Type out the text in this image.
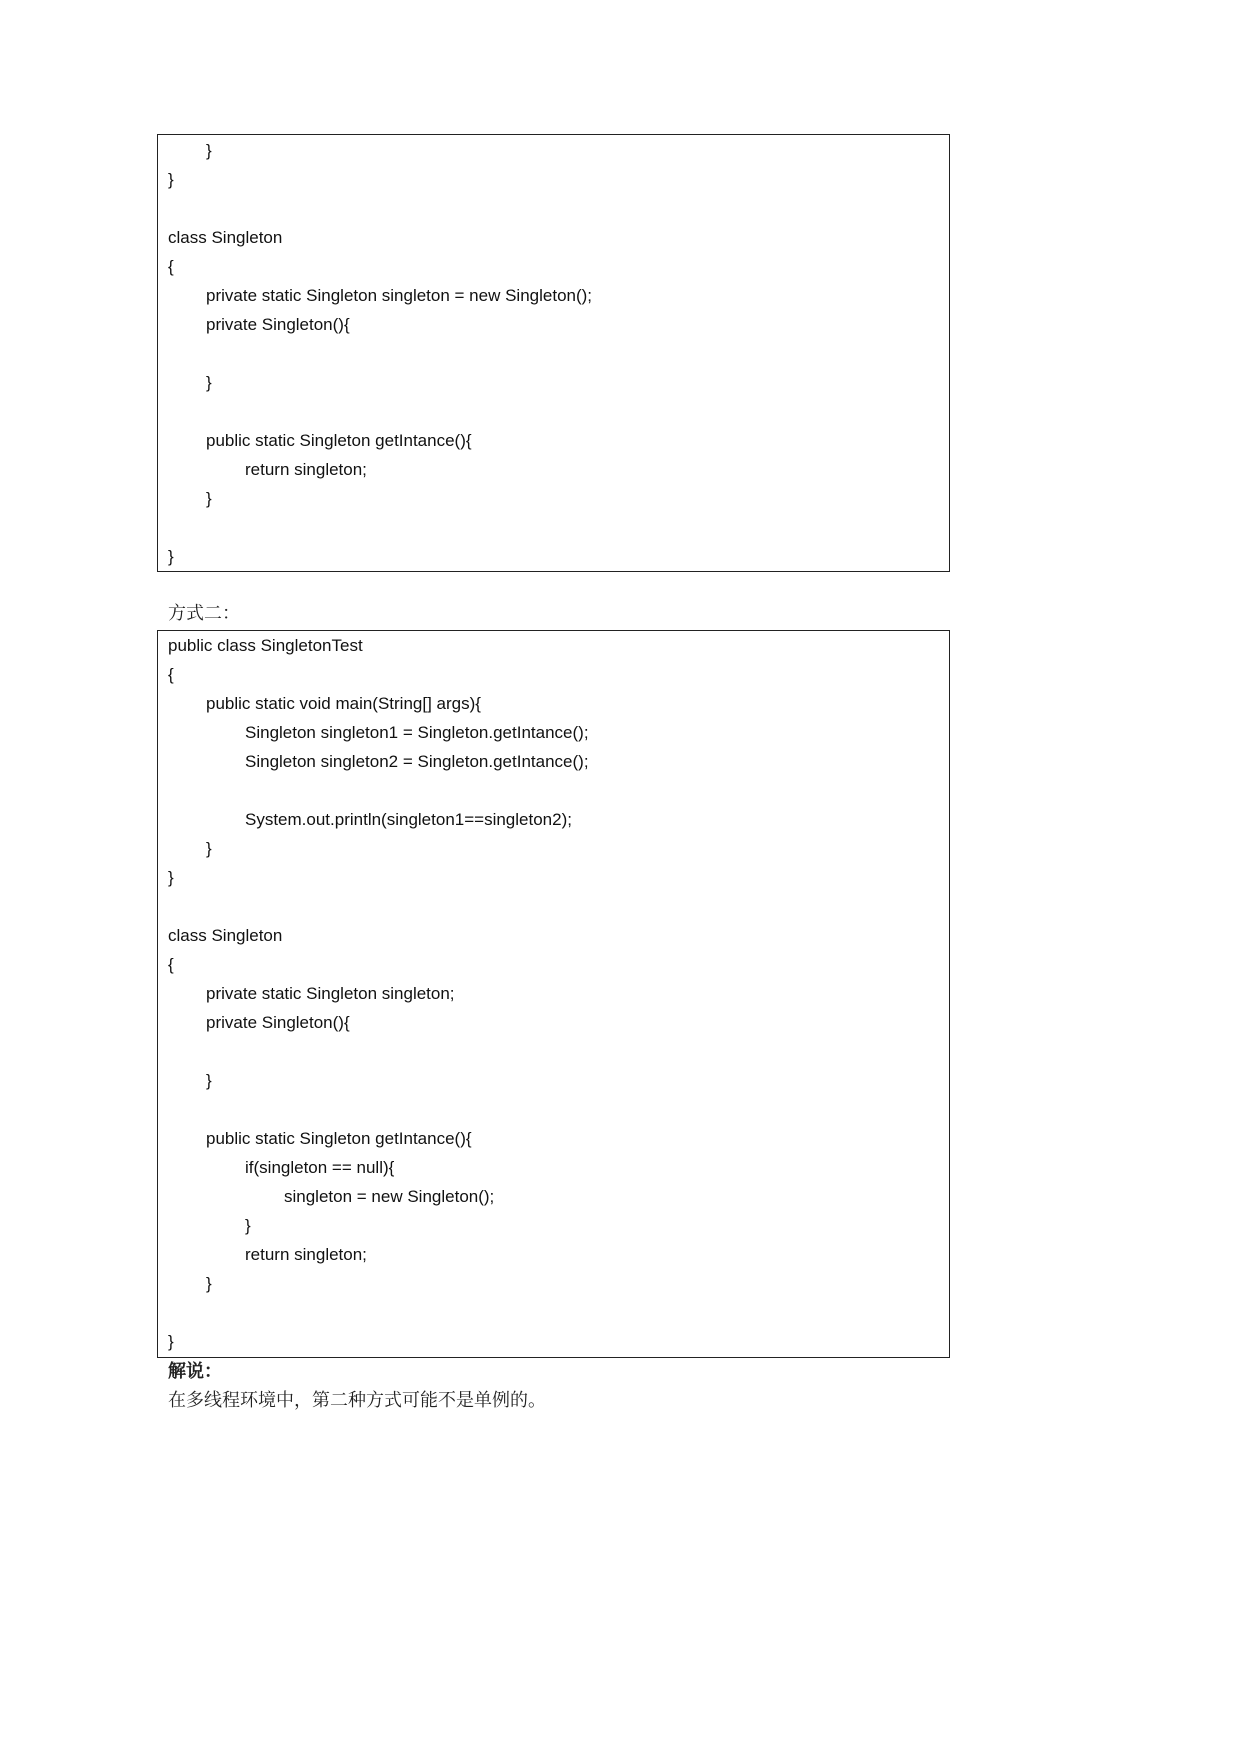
}
}
class Singleton
{
private static Singleton singleton = new Singleton();
private Singleton(){
}
public static Singleton getIntance(){
return singleton;
}
}
方式二：
public class SingletonTest
{
public static void main(String[] args){
Singleton singleton1 = Singleton.getIntance();
Singleton singleton2 = Singleton.getIntance();
System.out.println(singleton1==singleton2);
}
}
class Singleton
{
private static Singleton singleton;
private Singleton(){
}
public static Singleton getIntance(){
if(singleton == null){
singleton = new Singleton();
}
return singleton;
}
}
解说：
在多线程环境中，第二种方式可能不是单例的。
